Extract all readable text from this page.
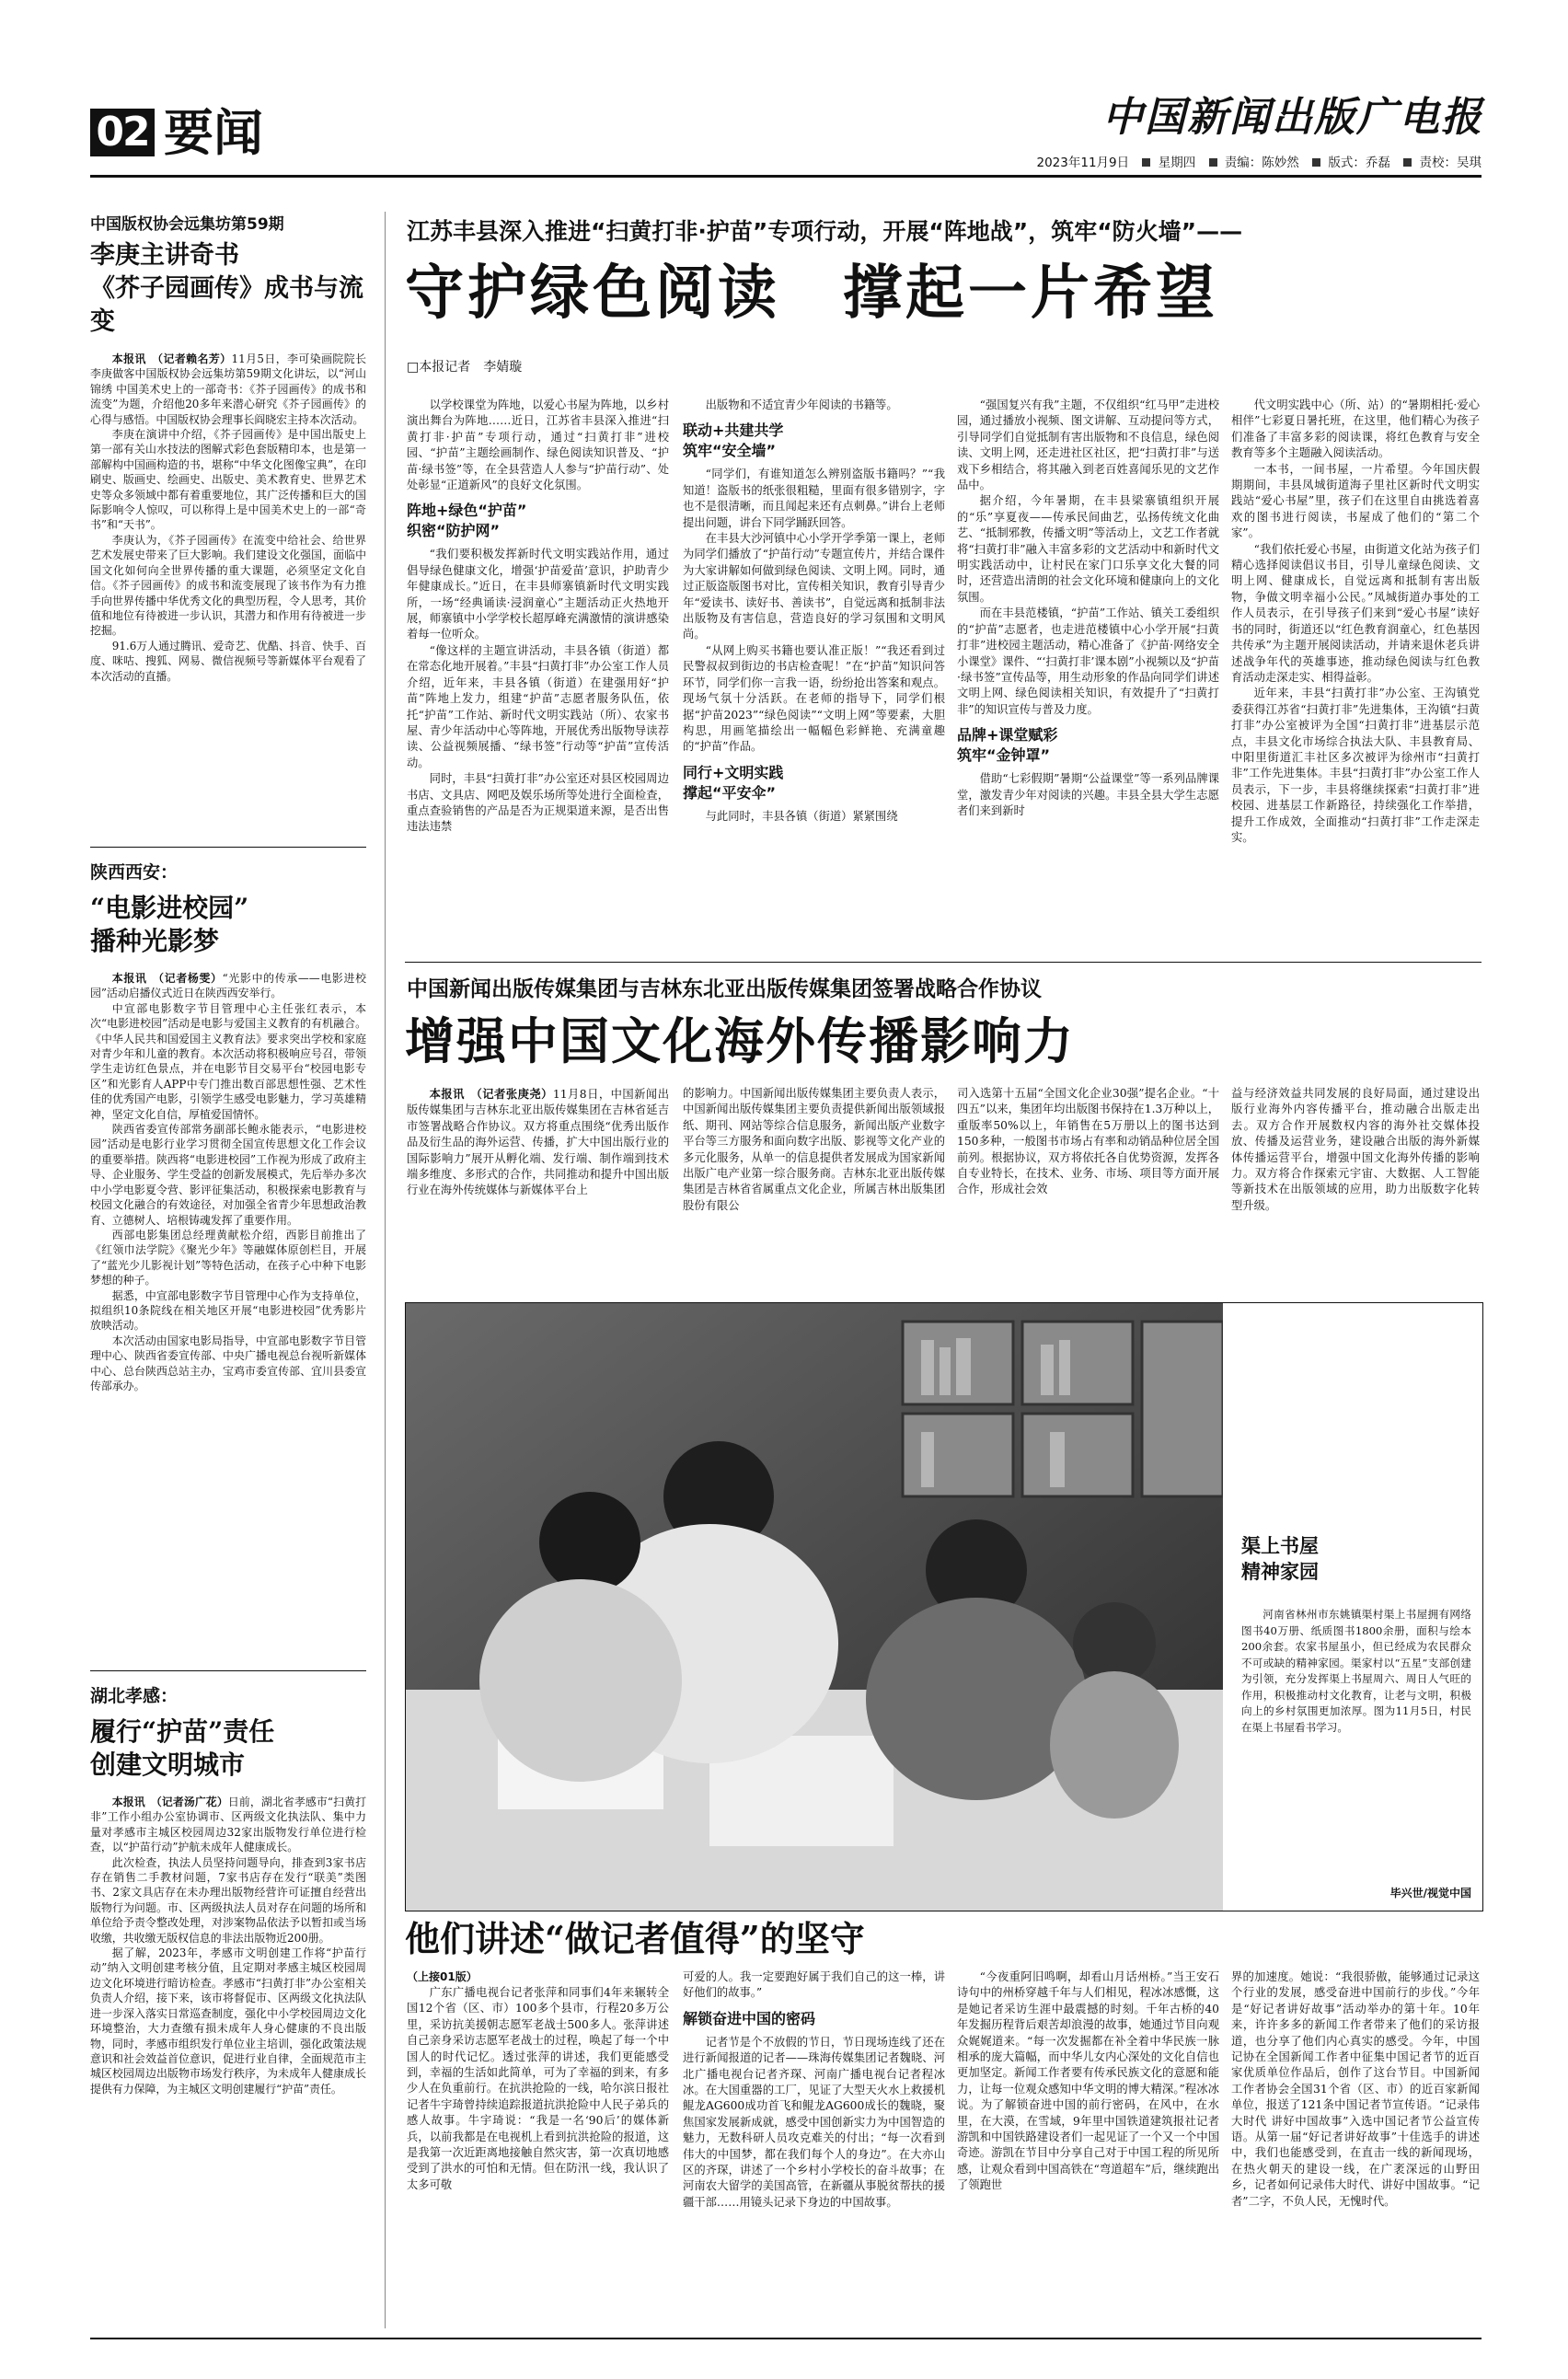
02 要闻	中国新闻出版广电报
2023年11月9日 星期四 责编：陈妙然 版式：乔磊 责校：吴琪
中国版权协会远集坊第59期
李庚主讲奇书
《芥子园画传》成书与流变
本报讯　（记者赖名芳）11月5日，李可染画院院长李庚做客中国版权协会远集坊第59期文化讲坛，以“河山锦绣 中国美术史上的一部奇书：《芥子园画传》的成书和流变”为题，介绍他20多年来潜心研究《芥子园画传》的心得与感悟。中国版权协会理事长阎晓宏主持本次活动。

李庚在演讲中介绍，《芥子园画传》是中国出版史上第一部有关山水技法的图解式彩色套版精印本，也是第一部解构中国画构造的书，堪称“中华文化图像宝典”，在印刷史、版画史、绘画史、出版史、美术教育史、世界艺术史等众多领域中都有着重要地位，其广泛传播和巨大的国际影响令人惊叹，可以称得上是中国美术史上的一部“奇书”和“天书”。

李庚认为，《芥子园画传》在流变中给社会、给世界艺术发展史带来了巨大影响。我们建设文化强国，面临中国文化如何向全世界传播的重大课题，必须坚定文化自信。《芥子园画传》的成书和流变展现了该书作为有力推手向世界传播中华优秀文化的典型历程，令人思考，其价值和地位有待被进一步认识，其潜力和作用有待被进一步挖掘。

91.6万人通过腾讯、爱奇艺、优酷、抖音、快手、百度、咪咕、搜狐、网易、微信视频号等新媒体平台观看了本次活动的直播。

陕西西安：
“电影进校园”
播种光影梦
本报讯　（记者杨雯）“光影中的传承——电影进校园”活动启播仪式近日在陕西西安举行。

中宣部电影数字节目管理中心主任张红表示，本次“电影进校园”活动是电影与爱国主义教育的有机融合。《中华人民共和国爱国主义教育法》要求突出学校和家庭对青少年和儿童的教育。本次活动将积极响应号召，带领学生走访红色景点，并在电影节目交易平台“校园电影专区”和光影育人APP中专门推出数百部思想性强、艺术性佳的优秀国产电影，引领学生感受电影魅力，学习英雄精神，坚定文化自信，厚植爱国情怀。

陕西省委宣传部常务副部长鲍永能表示，“电影进校园”活动是电影行业学习贯彻全国宣传思想文化工作会议的重要举措。陕西将“电影进校园”工作视为形成了政府主导、企业服务、学生受益的创新发展模式，先后举办多次中小学电影夏令营、影评征集活动，积极探索电影教育与校园文化融合的有效途径，对加强全省青少年思想政治教育、立德树人、培根铸魂发挥了重要作用。

西部电影集团总经理黄献松介绍，西影目前推出了《红领巾法学院》《聚光少年》等融媒体原创栏目，开展了“蓝光少儿影视计划”等特色活动，在孩子心中种下电影梦想的种子。

据悉，中宣部电影数字节目管理中心作为支持单位，拟组织10条院线在相关地区开展“电影进校园”优秀影片放映活动。

本次活动由国家电影局指导，中宣部电影数字节目管理中心、陕西省委宣传部、中央广播电视总台视听新媒体中心、总台陕西总站主办，宝鸡市委宣传部、宜川县委宣传部承办。

湖北孝感：
履行“护苗”责任
创建文明城市
本报讯　（记者汤广花）日前，湖北省孝感市“扫黄打非”工作小组办公室协调市、区两级文化执法队、集中力量对孝感市主城区校园周边32家出版物发行单位进行检查，以“护苗行动”护航未成年人健康成长。

此次检查，执法人员坚持问题导向，排查到3家书店存在销售二手教材问题，7家书店存在发行“联美”类图书、2家文具店存在未办理出版物经营许可证擅自经营出版物行为问题。市、区两级执法人员对存在问题的场所和单位给予责令整改处理，对涉案物品依法予以暂扣或当场收缴，共收缴无版权信息的非法出版物近200册。

据了解，2023年，孝感市文明创建工作将“护苗行动”纳入文明创建考核分值，且定期对孝感主城区校园周边文化环境进行暗访检查。孝感市“扫黄打非”办公室相关负责人介绍，接下来，该市将督促市、区两级文化执法队进一步深入落实日常巡查制度，强化中小学校园周边文化环境整治，大力查缴有损未成年人身心健康的不良出版物，同时，孝感市组织发行单位业主培训，强化政策法规意识和社会效益首位意识，促进行业自律，全面规范市主城区校园周边出版物市场发行秩序，为未成年人健康成长提供有力保障，为主城区文明创建履行“护苗”责任。

江苏丰县深入推进“扫黄打非·护苗”专项行动，开展“阵地战”，筑牢“防火墙”——
守护绿色阅读　撑起一片希望
□本报记者　李婧璇

以学校课堂为阵地，以爱心书屋为阵地，以乡村演出舞台为阵地……近日，江苏省丰县深入推进“扫黄打非·护苗”专项行动，通过“扫黄打非”进校园、“护苗”主题绘画制作、绿色阅读知识普及、“护苗·绿书签”等，在全县营造人人参与“护苗行动”、处处彰显“正道新风”的良好文化氛围。

阵地+绿色“护苗”
织密“防护网”

“我们要积极发挥新时代文明实践站作用，通过倡导绿色健康文化，增强‘护苗爱苗’意识，护助青少年健康成长。”近日，在丰县师寨镇新时代文明实践所，一场“经典诵读·浸润童心”主题活动正火热地开展，师寨镇中小学学校长超厚峰充满激情的演讲感染着每一位听众。

“像这样的主题宣讲活动，丰县各镇（街道）都在常态化地开展着。”丰县“扫黄打非”办公室工作人员介绍，近年来，丰县各镇（街道）在建强用好“护苗”阵地上发力，组建“护苗”志愿者服务队伍，依托“护苗”工作站、新时代文明实践站（所）、农家书屋、青少年活动中心等阵地，开展优秀出版物导读荐读、公益视频展播、“绿书签”行动等“护苗”宣传活动。

同时，丰县“扫黄打非”办公室还对县区校园周边书店、文具店、网吧及娱乐场所等处进行全面检查，重点查验销售的产品是否为正规渠道来源，是否出售违法违禁

出版物和不适宜青少年阅读的书籍等。

联动+共建共学
筑牢“安全墙”

“同学们，有谁知道怎么辨别盗版书籍吗？”“我知道！盗版书的纸张很粗糙，里面有很多错别字，字也不是很清晰，而且闻起来还有点刺鼻。”讲台上老师提出问题，讲台下同学踊跃回答。

在丰县大沙河镇中心小学开学季第一课上，老师为同学们播放了“护苗行动”专题宣传片，并结合课件为大家讲解如何做到绿色阅读、文明上网。同时，通过正版盗版图书对比，宣传相关知识，教育引导青少年“爱读书、读好书、善读书”，自觉远离和抵制非法出版物及有害信息，营造良好的学习氛围和文明风尚。

“从网上购买书籍也要认准正版！”“我还看到过民警叔叔到街边的书店检查呢！”在“护苗”知识问答环节，同学们你一言我一语，纷纷抢出答案和观点。现场气氛十分活跃。在老师的指导下，同学们根据“护苗2023”“绿色阅读”“文明上网”等要素，大胆构思，用画笔描绘出一幅幅色彩鲜艳、充满童趣的“护苗”作品。

同行+文明实践
撑起“平安伞”

与此同时，丰县各镇（街道）紧紧围绕

“强国复兴有我”主题，不仅组织“红马甲”走进校园，通过播放小视频、图文讲解、互动提问等方式，引导同学们自觉抵制有害出版物和不良信息，绿色阅读、文明上网，还走进社区社区，把“扫黄打非”与送戏下乡相结合，将其融入到老百姓喜闻乐见的文艺作品中。

据介绍，今年暑期，在丰县梁寨镇组织开展的“乐”享夏夜——传承民间曲艺，弘扬传统文化曲艺、“抵制邪教，传播文明”等活动上，文艺工作者就将“扫黄打非”融入丰富多彩的文艺活动中和新时代文明实践活动中，让村民在家门口乐享文化大餐的同时，还营造出清朗的社会文化环境和健康向上的文化氛围。

而在丰县范楼镇，“护苗”工作站、镇关工委组织的“护苗”志愿者，也走进范楼镇中心小学开展“扫黄打非”进校园主题活动，精心准备了《护苗·网络安全小课堂》课件、“‘扫黄打非’课本剧”小视频以及“护苗·绿书签”宣传品等，用生动形象的作品向同学们讲述文明上网、绿色阅读相关知识，有效提升了“扫黄打非”的知识宣传与普及力度。

品牌+课堂赋彩
筑牢“金钟罩”

借助“七彩假期”暑期“公益课堂”等一系列品牌课堂，激发青少年对阅读的兴趣。丰县全县大学生志愿者们来到新时

代文明实践中心（所、站）的“暑期相托·爱心相伴”七彩夏日暑托班，在这里，他们精心为孩子们准备了丰富多彩的阅读课，将红色教育与安全教育等多个主题融入阅读活动。

一本书，一间书屋，一片希望。今年国庆假期期间，丰县凤城街道海子里社区新时代文明实践站“爱心书屋”里，孩子们在这里自由挑选着喜欢的图书进行阅读，书屋成了他们的“第二个家”。

“我们依托爱心书屋，由街道文化站为孩子们精心选择阅读倡议书目，引导儿童绿色阅读、文明上网、健康成长，自觉远离和抵制有害出版物，争做文明幸福小公民。”凤城街道办事处的工作人员表示，在引导孩子们来到“爱心书屋”读好书的同时，街道还以“红色教育润童心，红色基因共传承”为主题开展阅读活动，并请来退休老兵讲述战争年代的英雄事迹，推动绿色阅读与红色教育活动走深走实、相得益彰。

近年来，丰县“扫黄打非”办公室、王沟镇党委获得江苏省“扫黄打非”先进集体，王沟镇“扫黄打非”办公室被评为全国“扫黄打非”进基层示范点，丰县文化市场综合执法大队、丰县教育局、中阳里街道汇丰社区多次被评为徐州市“扫黄打非”工作先进集体。丰县“扫黄打非”办公室工作人员表示，下一步，丰县将继续探索“扫黄打非”进校园、进基层工作新路径，持续强化工作举措，提升工作成效，全面推动“扫黄打非”工作走深走实。

中国新闻出版传媒集团与吉林东北亚出版传媒集团签署战略合作协议
增强中国文化海外传播影响力

本报讯　（记者张庚尧）11月8日，中国新闻出版传媒集团与吉林东北亚出版传媒集团在吉林省延吉市签署战略合作协议。双方将重点围绕“优秀出版作品及衍生品的海外运营、传播，扩大中国出版行业的国际影响力”展开从孵化端、发行端、制作端到技术端多维度、多形式的合作，共同推动和提升中国出版行业在海外传统媒体与新媒体平台上

的影响力。中国新闻出版传媒集团主要负责人表示，中国新闻出版传媒集团主要负责提供新闻出版领域报纸、期刊、网站等综合信息服务，新闻出版产业数字平台等三方服务和面向数字出版、影视等文化产业的多元化服务，从单一的信息提供者发展成为国家新闻出版广电产业第一综合服务商。吉林东北亚出版传媒集团是吉林省省属重点文化企业，所属吉林出版集团股份有限公

司入选第十五届“全国文化企业30强”提名企业。“十四五”以来，集团年均出版图书保持在1.3万种以上，重版率50%以上，年销售在5万册以上的图书达到150多种，一般图书市场占有率和动销品种位居全国前列。根据协议，双方将依托各自优势资源，发挥各自专业特长，在技术、业务、市场、项目等方面开展合作，形成社会效

益与经济效益共同发展的良好局面，通过建设出版行业海外内容传播平台，推动融合出版走出去。双方合作开展数权内容的海外社交媒体投放、传播及运营业务，建设融合出版的海外新媒体传播运营平台，增强中国文化海外传播的影响力。双方将合作探索元宇宙、大数据、人工智能等新技术在出版领域的应用，助力出版数字化转型升级。

渠上书屋
精神家园
河南省林州市东姚镇渠村渠上书屋拥有网络图书40万册、纸质图书1800余册，面积与绘本200余套。农家书屋虽小，但已经成为农民群众不可或缺的精神家园。渠家村以“五星”支部创建为引领，充分发挥渠上书屋周六、周日人气旺的作用，积极推动村文化教育，让老与文明，积极向上的乡村氛围更加浓厚。图为11月5日，村民在渠上书屋看书学习。
毕兴世/视觉中国
他们讲述“做记者值得”的坚守
（上接01版）

广东广播电视台记者张萍和同事们4年来辗转全国12个省（区、市）100多个县市，行程20多万公里，采访抗美援朝志愿军老战士500多人。张萍讲述自己亲身采访志愿军老战士的过程，唤起了每一个中国人的时代记忆。透过张萍的讲述，我们更能感受到，幸福的生活如此简单，可为了幸福的到来，有多少人在负重前行。在抗洪抢险的一线，哈尔滨日报社记者牛宇琦曾持续追踪报道抗洪抢险中人民子弟兵的感人故事。牛宇琦说：“我是一名‘90后’的媒体新兵，以前我都是在电视机上看到抗洪抢险的报道，这是我第一次近距离地接触自然灾害，第一次真切地感受到了洪水的可怕和无情。但在防汛一线，我认识了太多可敬

可爱的人。我一定要跑好属于我们自己的这一棒，讲好他们的故事。”

解锁奋进中国的密码

记者节是个不放假的节日，节日现场连线了还在进行新闻报道的记者——珠海传媒集团记者魏晓、河北广播电视台记者齐琛、河南广播电视台记者程冰冰。在大国重器的工厂，见证了大型天火水上救援机鲲龙AG600成功首飞和鲲龙AG600成长的魏晓，聚焦国家发展新成就，感受中国创新实力为中国智造的魅力，无数科研人员攻克难关的付出；“每一次看到伟大的中国梦，都在我们每个人的身边”。在大亦山区的齐琛，讲述了一个乡村小学校长的奋斗故事；在河南农大留学的美国高管，在新疆从事脱贫帮扶的援疆干部……用镜头记录下身边的中国故事。

“今夜重阿旧鸣啊，却看山月话州桥。”当王安石诗句中的州桥穿越千年与人们相见，程冰冰感慨，这是她记者采访生涯中最震撼的时刻。千年古桥的40年发掘历程背后艰苦却浪漫的故事，她通过节目向观众娓娓道来。“每一次发掘都在补全着中华民族一脉相承的庞大篇幅，而中华儿女内心深处的文化自信也更加坚定。新闻工作者要有传承民族文化的意愿和能力，让每一位观众感知中华文明的博大精深。”程冰冰说。为了解锁奋进中国的前行密码，在风中，在水里，在大漠，在雪域，9年里中国铁道建筑报社记者游凯和中国铁路建设者们一起见证了一个又一个中国奇迹。游凯在节目中分享自己对于中国工程的所见所感，让观众看到中国高铁在“弯道超车”后，继续跑出了领跑世

界的加速度。她说：“我很骄傲，能够通过记录这个行业的发展，感受奋进中国前行的步伐。”今年是“好记者讲好故事”活动举办的第十年。10年来，许许多多的新闻工作者带来了他们的采访报道，也分享了他们内心真实的感受。今年，中国记协在全国新闻工作者中征集中国记者节的近百家优质单位作品后，创作了这台节目。中国新闻工作者协会全国31个省（区、市）的近百家新闻单位，报送了121条中国记者节宣传语。“记录伟大时代 讲好中国故事”入选中国记者节公益宣传语。从第一届“好记者讲好故事”十佳选手的讲述中，我们也能感受到，在直击一线的新闻现场，在热火朝天的建设一线，在广袤深远的山野田乡，记者如何记录伟大时代、讲好中国故事。“记者”二字，不负人民，无愧时代。
